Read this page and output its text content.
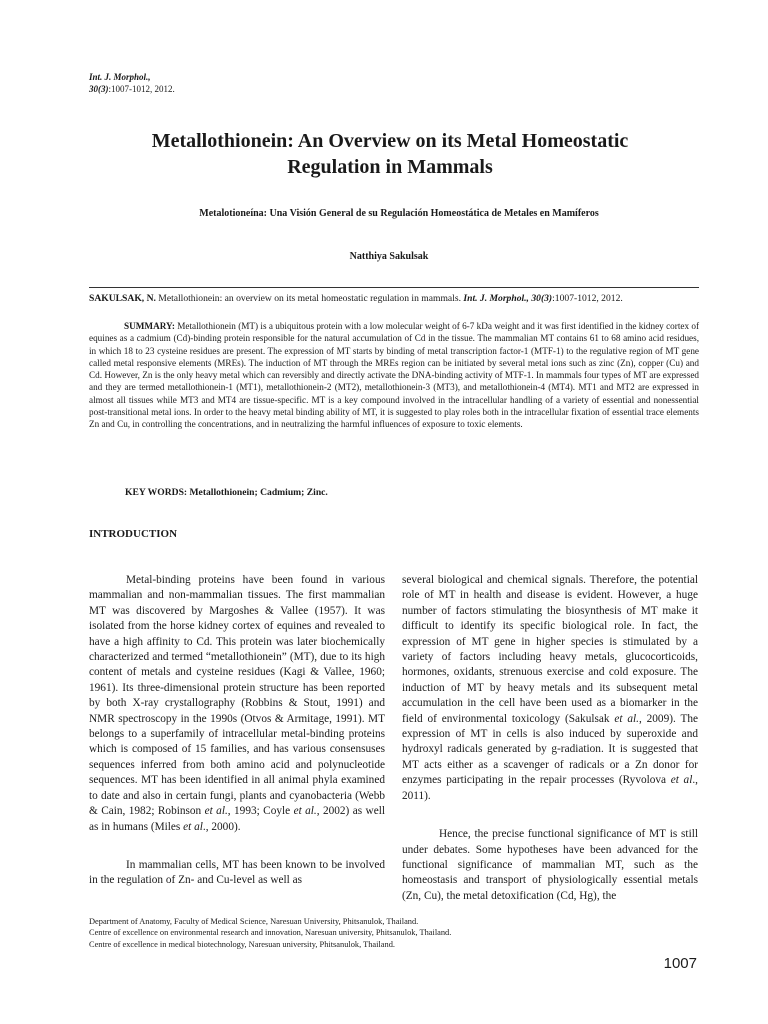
Int. J. Morphol.,
30(3):1007-1012, 2012.
Metallothionein: An Overview on its Metal Homeostatic Regulation in Mammals
Metalotioneína: Una Visión General de su Regulación Homeostática de Metales en Mamíferos
Natthiya Sakulsak
SAKULSAK, N. Metallothionein: an overview on its metal homeostatic regulation in mammals. Int. J. Morphol., 30(3):1007-1012, 2012.
SUMMARY: Metallothionein (MT) is a ubiquitous protein with a low molecular weight of 6-7 kDa weight and it was first identified in the kidney cortex of equines as a cadmium (Cd)-binding protein responsible for the natural accumulation of Cd in the tissue. The mammalian MT contains 61 to 68 amino acid residues, in which 18 to 23 cysteine residues are present. The expression of MT starts by binding of metal transcription factor-1 (MTF-1) to the regulative region of MT gene called metal responsive elements (MREs). The induction of MT through the MREs region can be initiated by several metal ions such as zinc (Zn), copper (Cu) and Cd. However, Zn is the only heavy metal which can reversibly and directly activate the DNA-binding activity of MTF-1. In mammals four types of MT are expressed and they are termed metallothionein-1 (MT1), metallothionein-2 (MT2), metallothionein-3 (MT3), and metallothionein-4 (MT4). MT1 and MT2 are expressed in almost all tissues while MT3 and MT4 are tissue-specific. MT is a key compound involved in the intracellular handling of a variety of essential and nonessential post-transitional metal ions. In order to the heavy metal binding ability of MT, it is suggested to play roles both in the intracellular fixation of essential trace elements Zn and Cu, in controlling the concentrations, and in neutralizing the harmful influences of exposure to toxic elements.
KEY WORDS: Metallothionein; Cadmium; Zinc.
INTRODUCTION

Metal-binding proteins have been found in various mammalian and non-mammalian tissues. The first mammalian MT was discovered by Margoshes & Vallee (1957). It was isolated from the horse kidney cortex of equines and revealed to have a high affinity to Cd. This protein was later biochemically characterized and termed “metallothionein” (MT), due to its high content of metals and cysteine residues (Kagi & Vallee, 1960; 1961). Its three-dimensional protein structure has been reported by both X-ray crystallography (Robbins & Stout, 1991) and NMR spectroscopy in the 1990s (Otvos & Armitage, 1991). MT belongs to a superfamily of intracellular metal-binding proteins which is composed of 15 families, and has various consensuses sequences inferred from both amino acid and polynucleotide sequences. MT has been identified in all animal phyla examined to date and also in certain fungi, plants and cyanobacteria (Webb & Cain, 1982; Robinson et al., 1993; Coyle et al., 2002) as well as in humans (Miles et al., 2000).

In mammalian cells, MT has been known to be involved in the regulation of Zn- and Cu-level as well as

several biological and chemical signals. Therefore, the potential role of MT in health and disease is evident. However, a huge number of factors stimulating the biosynthesis of MT make it difficult to identify its specific biological role. In fact, the expression of MT gene in higher species is stimulated by a variety of factors including heavy metals, glucocorticoids, hormones, oxidants, strenuous exercise and cold exposure. The induction of MT by heavy metals and its subsequent metal accumulation in the cell have been used as a biomarker in the field of environmental toxicology (Sakulsak et al., 2009). The expression of MT in cells is also induced by superoxide and hydroxyl radicals generated by g-radiation. It is suggested that MT acts either as a scavenger of radicals or a Zn donor for enzymes participating in the repair processes (Ryvolova et al., 2011).

Hence, the precise functional significance of MT is still under debates. Some hypotheses have been advanced for the functional significance of mammalian MT, such as the homeostasis and transport of physiologically essential metals (Zn, Cu), the metal detoxification (Cd, Hg), the

Department of Anatomy, Faculty of Medical Science, Naresuan University, Phitsanulok, Thailand.
Centre of excellence on environmental research and innovation, Naresuan university, Phitsanulok, Thailand.
Centre of excellence in medical biotechnology, Naresuan university, Phitsanulok, Thailand.
1007
